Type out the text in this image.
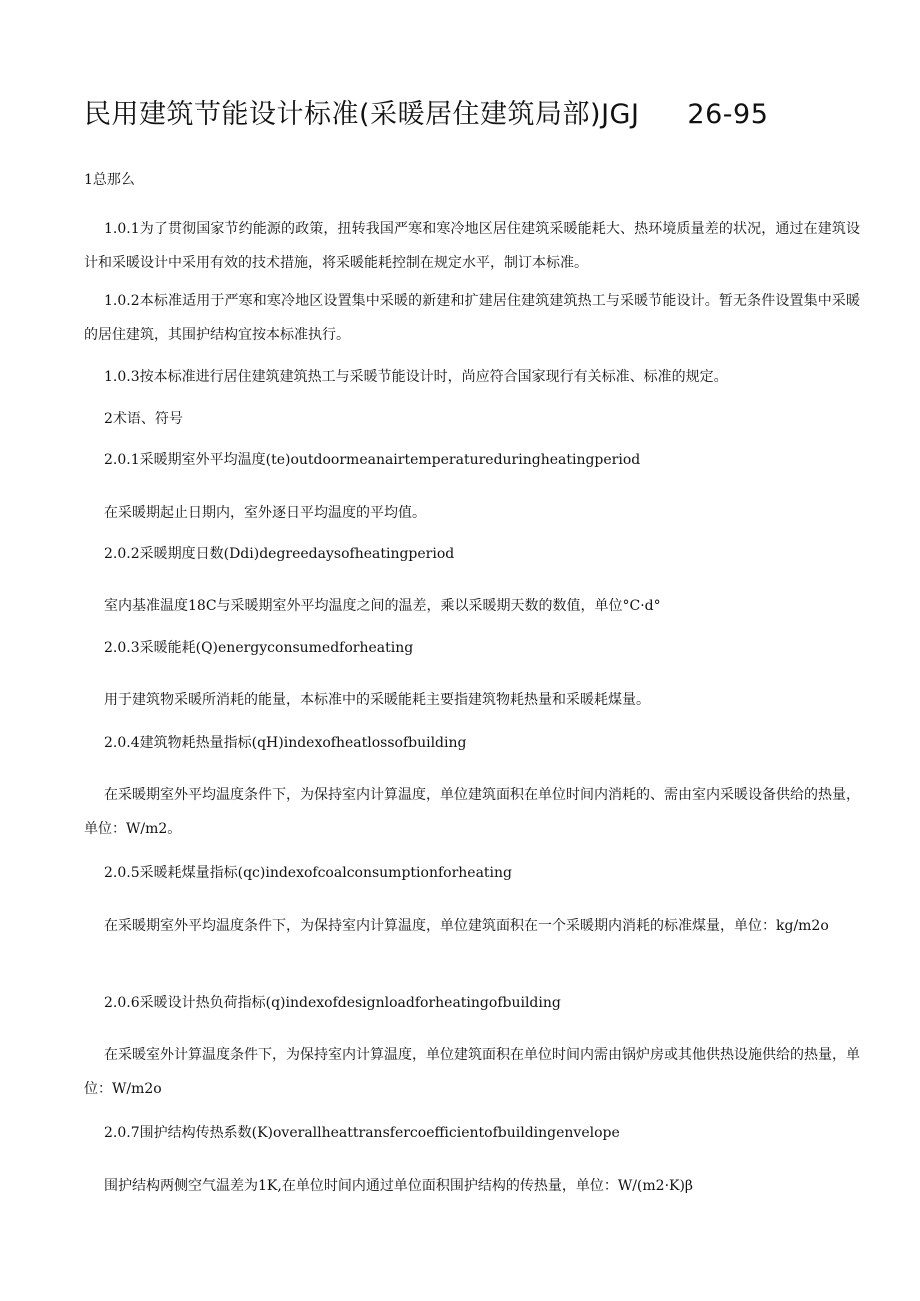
民用建筑节能设计标准(采暖居住建筑局部)JGJ 26-95
1总那么
1.0.1为了贯彻国家节约能源的政策，扭转我国严寒和寒冷地区居住建筑采暖能耗大、热环境质量差的状况，通过在建筑设计和采暖设计中采用有效的技术措施，将采暖能耗控制在规定水平，制订本标准。
1.0.2本标准适用于严寒和寒冷地区设置集中采暖的新建和扩建居住建筑建筑热工与采暖节能设计。暂无条件设置集中采暖的居住建筑，其围护结构宜按本标准执行。
1.0.3按本标准进行居住建筑建筑热工与采暖节能设计时，尚应符合国家现行有关标准、标准的规定。
2术语、符号
2.0.1采暖期室外平均温度(te)outdoormeanairtemperatureduringheatingperiod
在采暖期起止日期内，室外逐日平均温度的平均值。
2.0.2采暖期度日数(Ddi)degreedaysofheatingperiod
室内基准温度18C与采暖期室外平均温度之间的温差，乘以采暖期天数的数值，单位°C·d°
2.0.3采暖能耗(Q)energyconsumedforheating
用于建筑物采暖所消耗的能量，本标准中的采暖能耗主要指建筑物耗热量和采暖耗煤量。
2.0.4建筑物耗热量指标(qH)indexofheatlossofbuilding
在采暖期室外平均温度条件下，为保持室内计算温度，单位建筑面积在单位时间内消耗的、需由室内采暖设备供给的热量，单位：W/m2。
2.0.5采暖耗煤量指标(qc)indexofcoalconsumptionforheating
在采暖期室外平均温度条件下，为保持室内计算温度，单位建筑面积在一个采暖期内消耗的标准煤量，单位：kg/m2o
2.0.6采暖设计热负荷指标(q)indexofdesignloadforheatingofbuilding
在采暖室外计算温度条件下，为保持室内计算温度，单位建筑面积在单位时间内需由锅炉房或其他供热设施供给的热量，单位：W/m2o
2.0.7围护结构传热系数(K)overallheattransfercoefficientofbuildingenvelope
围护结构两侧空气温差为1K,在单位时间内通过单位面积围护结构的传热量，单位：W/(m2·K)β
